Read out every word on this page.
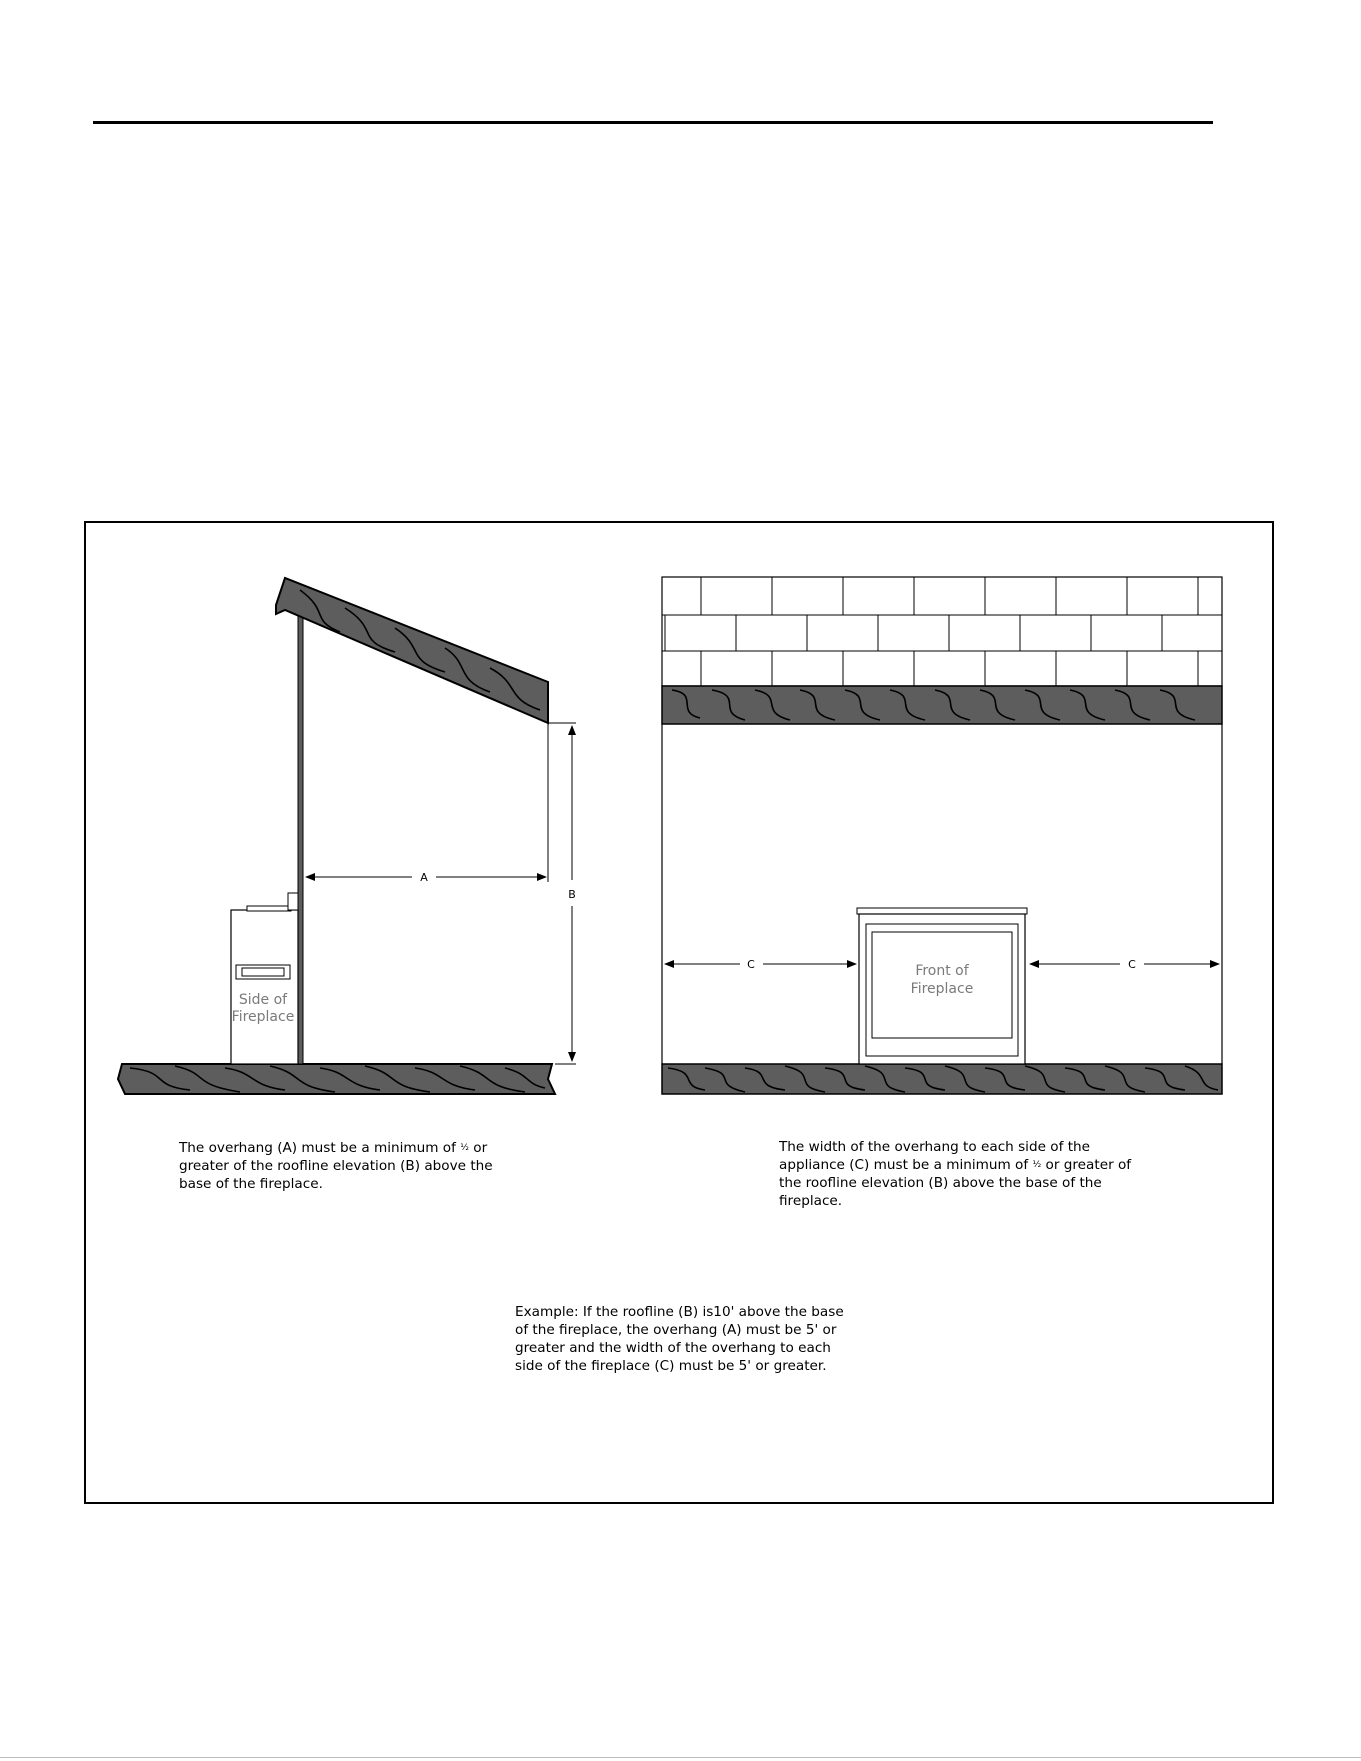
Side of
Fireplace
A
B
Front of
Fireplace
C	C
The overhang (A) must be a minimum of ½ or greater of the roofline elevation (B) above the base of the fireplace.
The width of the overhang to each side of the appliance (C) must be a minimum of ½ or greater of the roofline elevation (B) above the base of the fireplace.
Example: If the roofline (B) is10' above the base of the fireplace, the overhang (A) must be 5' or greater and the width of the overhang to each side of the fireplace (C) must be 5' or greater.
